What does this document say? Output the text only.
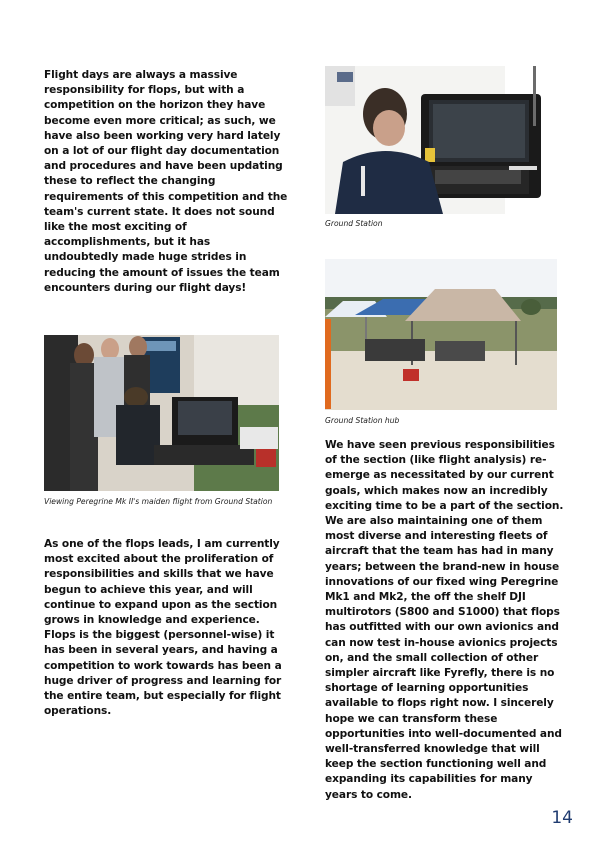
Flight days are always a massive responsibility for flops, but with a competition on the horizon they have become even more critical; as such, we have also been working very hard lately on a lot of our flight day documentation and procedures and have been updating these to reflect the changing requirements of this competition and the team's current state. It does not sound like the most exciting of accomplishments, but it has undoubtedly made huge strides in reducing the amount of issues the team encounters during our flight days!

Ground Station

Ground Station hub

Viewing Peregrine Mk II's maiden flight from Ground Station

As one of the flops leads, I am currently most excited about the proliferation of responsibilities and skills that we have begun to achieve this year, and will continue to expand upon as the section grows in knowledge and experience. Flops is the biggest (personnel-wise) it has been in several years, and having a competition to work towards has been a huge driver of progress and learning for the entire team, but especially for flight operations.

We have seen previous responsibilities of the section (like flight analysis) re-emerge as necessitated by our current goals, which makes now an incredibly exciting time to be a part of the section. We are also maintaining one of them most diverse and interesting fleets of aircraft that the team has had in many years; between the brand-new in house innovations of our fixed wing Peregrine Mk1 and Mk2, the off the shelf DJI multirotors (S800 and S1000) that flops has outfitted with our own avionics and can now test in-house avionics projects on, and the small collection of other simpler aircraft like Fyrefly, there is no shortage of learning opportunities available to flops right now. I sincerely hope we can transform these opportunities into well-documented and well-transferred knowledge that will keep the section functioning well and expanding its capabilities for many years to come.

14
